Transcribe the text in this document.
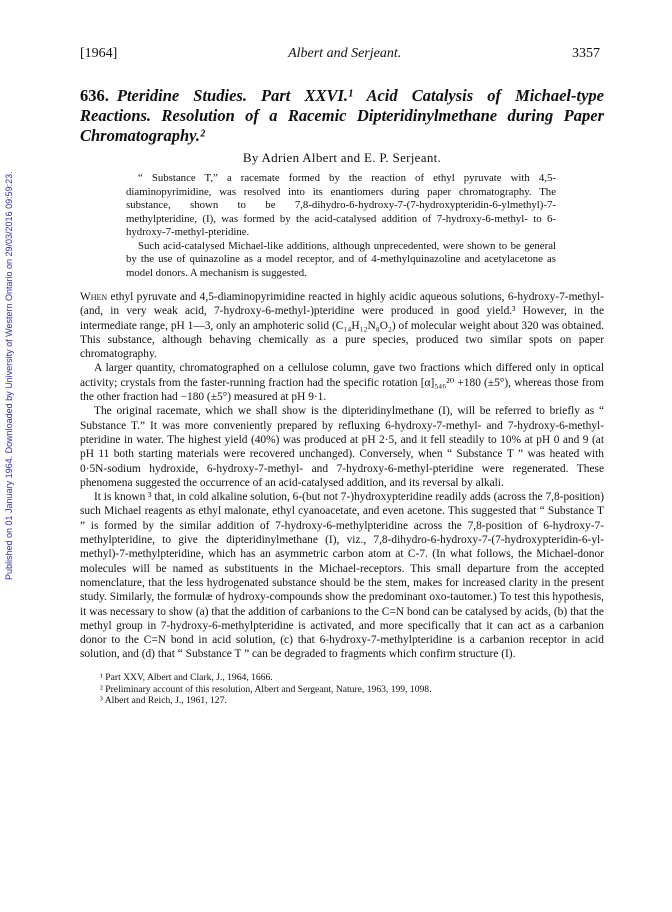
Published on 01 January 1964. Downloaded by University of Western Ontario on 29/03/2016 09:59:23.
[1964]	Albert and Serjeant.	3357
636. Pteridine Studies. Part XXVI.¹ Acid Catalysis of Michael-type Reactions. Resolution of a Racemic Dipteridinylmethane during Paper Chromatography.²
By Adrien Albert and E. P. Serjeant.

“ Substance T,” a racemate formed by the reaction of ethyl pyruvate with 4,5-diaminopyrimidine, was resolved into its enantiomers during paper chromatography. The substance, shown to be 7,8-dihydro-6-hydroxy-7-(7-hydroxypteridin-6-ylmethyl)-7-methylpteridine, (I), was formed by the acid-catalysed addition of 7-hydroxy-6-methyl- to 6-hydroxy-7-methyl-pteridine.

Such acid-catalysed Michael-like additions, although unprecedented, were shown to be general by the use of quinazoline as a model receptor, and of 4-methylquinazoline and acetylacetone as model donors. A mechanism is suggested.

When ethyl pyruvate and 4,5-diaminopyrimidine reacted in highly acidic aqueous solutions, 6-hydroxy-7-methyl-(and, in very weak acid, 7-hydroxy-6-methyl-)pteridine were produced in good yield.³ However, in the intermediate range, pH 1—3, only an amphoteric solid (C₁₄H₁₂N₈O₂) of molecular weight about 320 was obtained. This substance, although behaving chemically as a pure species, produced two similar spots on paper chromatography.

A larger quantity, chromatographed on a cellulose column, gave two fractions which differed only in optical activity; crystals from the faster-running fraction had the specific rotation [α]₅₄₆²⁰ +180 (±5°), whereas those from the other fraction had −180 (±5°) measured at pH 9·1.

The original racemate, which we shall show is the dipteridinylmethane (I), will be referred to briefly as “ Substance T.” It was more conveniently prepared by refluxing 6-hydroxy-7-methyl- and 7-hydroxy-6-methyl-pteridine in water. The highest yield (40%) was produced at pH 2·5, and it fell steadily to 10% at pH 0 and 9 (at pH 11 both starting materials were recovered unchanged). Conversely, when “ Substance T ” was heated with 0·5N-sodium hydroxide, 6-hydroxy-7-methyl- and 7-hydroxy-6-methyl-pteridine were regenerated. These phenomena suggested the occurrence of an acid-catalysed addition, and its reversal by alkali.

It is known ³ that, in cold alkaline solution, 6-(but not 7-)hydroxypteridine readily adds (across the 7,8-position) such Michael reagents as ethyl malonate, ethyl cyanoacetate, and even acetone. This suggested that “ Substance T ” is formed by the similar addition of 7-hydroxy-6-methylpteridine across the 7,8-position of 6-hydroxy-7-methylpteridine, to give the dipteridinylmethane (I), viz., 7,8-dihydro-6-hydroxy-7-(7-hydroxypteridin-6-yl-methyl)-7-methylpteridine, which has an asymmetric carbon atom at C-7. (In what follows, the Michael-donor molecules will be named as substituents in the Michael-receptors. This small departure from the accepted nomenclature, that the less hydrogenated substance should be the stem, makes for increased clarity in the present study. Similarly, the formulæ of hydroxy-compounds show the predominant oxo-tautomer.) To test this hypothesis, it was necessary to show (a) that the addition of carbanions to the C=N bond can be catalysed by acids, (b) that the methyl group in 7-hydroxy-6-methylpteridine is activated, and more specifically that it can act as a carbanion donor to the C=N bond in acid solution, (c) that 6-hydroxy-7-methylpteridine is a carbanion receptor in acid solution, and (d) that “ Substance T ” can be degraded to fragments which confirm structure (I).

¹ Part XXV, Albert and Clark, J., 1964, 1666.
² Preliminary account of this resolution, Albert and Sergeant, Nature, 1963, 199, 1098.
³ Albert and Reich, J., 1961, 127.
